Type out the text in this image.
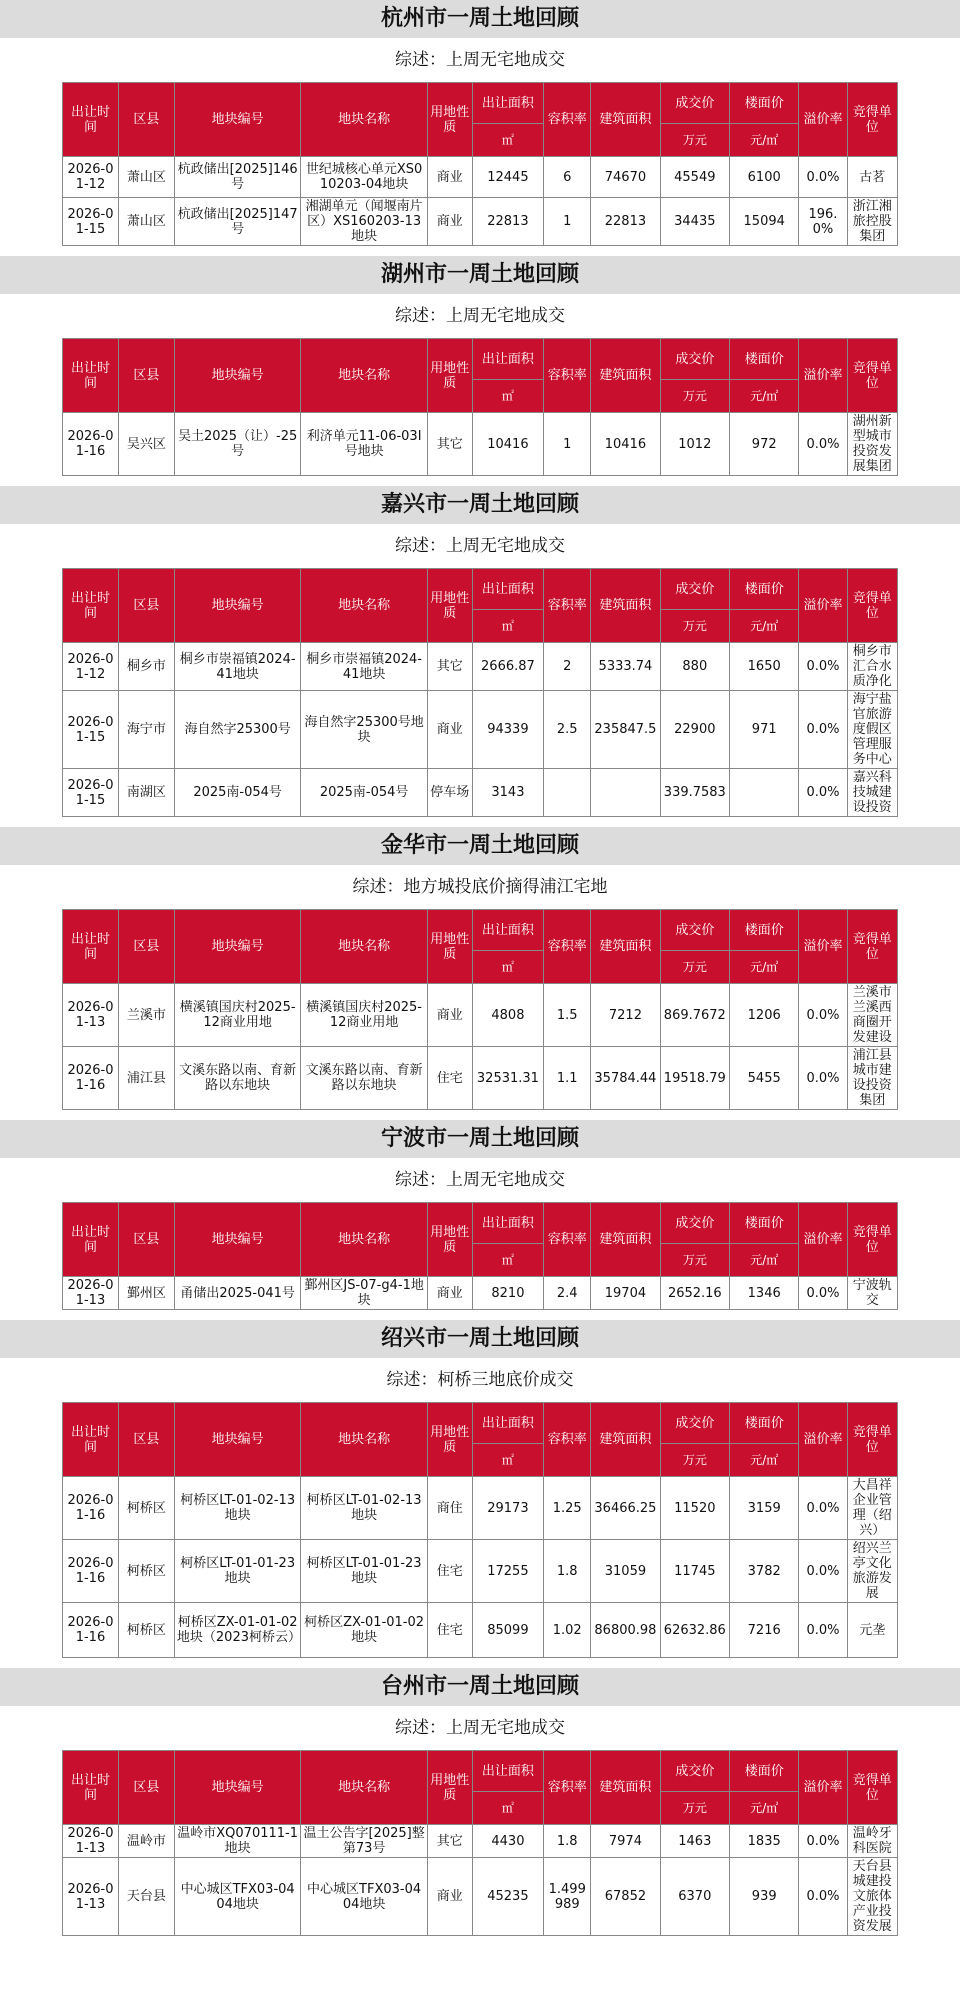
杭州市一周土地回顾
综述：上周无宅地成交
出让时间	区县	地块编号	地块名称	用地性质	出让面积	容积率	建筑面积	成交价	楼面价	溢价率	竞得单位
					㎡			万元	元/㎡		
2026-01-12	萧山区	杭政储出[2025]146号	世纪城核心单元XS010203-04地块	商业	12445	6	74670	45549	6100	0.0%	古茗
2026-01-15	萧山区	杭政储出[2025]147号	湘湖单元（闻堰南片区）XS160203-13地块	商业	22813	1	22813	34435	15094	196.0%	浙江湘旅控股集团
湖州市一周土地回顾
综述：上周无宅地成交
出让时间	区县	地块编号	地块名称	用地性质	出让面积	容积率	建筑面积	成交价	楼面价	溢价率	竞得单位
					㎡			万元	元/㎡		
2026-01-16	吴兴区	吴土2025（让）-25号	利济单元11-06-03I号地块	其它	10416	1	10416	1012	972	0.0%	湖州新型城市投资发展集团
嘉兴市一周土地回顾
综述：上周无宅地成交
出让时间	区县	地块编号	地块名称	用地性质	出让面积	容积率	建筑面积	成交价	楼面价	溢价率	竞得单位
					㎡			万元	元/㎡		
2026-01-12	桐乡市	桐乡市崇福镇2024-41地块	桐乡市崇福镇2024-41地块	其它	2666.87	2	5333.74	880	1650	0.0%	桐乡市汇合水质净化
2026-01-15	海宁市	海自然字25300号	海自然字25300号地块	商业	94339	2.5	235847.5	22900	971	0.0%	海宁盐官旅游度假区管理服务中心
2026-01-15	南湖区	2025南-054号	2025南-054号	停车场	3143			339.7583		0.0%	嘉兴科技城建设投资
金华市一周土地回顾
综述：地方城投底价摘得浦江宅地
出让时间	区县	地块编号	地块名称	用地性质	出让面积	容积率	建筑面积	成交价	楼面价	溢价率	竞得单位
					㎡			万元	元/㎡		
2026-01-13	兰溪市	横溪镇国庆村2025-12商业用地	横溪镇国庆村2025-12商业用地	商业	4808	1.5	7212	869.7672	1206	0.0%	兰溪市兰溪西商圈开发建设
2026-01-16	浦江县	文溪东路以南、育新路以东地块	文溪东路以南、育新路以东地块	住宅	32531.31	1.1	35784.44	19518.79	5455	0.0%	浦江县城市建设投资集团
宁波市一周土地回顾
综述：上周无宅地成交
出让时间	区县	地块编号	地块名称	用地性质	出让面积	容积率	建筑面积	成交价	楼面价	溢价率	竞得单位
					㎡			万元	元/㎡		
2026-01-13	鄞州区	甬储出2025-041号	鄞州区JS-07-g4-1地块	商业	8210	2.4	19704	2652.16	1346	0.0%	宁波轨交
绍兴市一周土地回顾
综述：柯桥三地底价成交
出让时间	区县	地块编号	地块名称	用地性质	出让面积	容积率	建筑面积	成交价	楼面价	溢价率	竞得单位
					㎡			万元	元/㎡		
2026-01-16	柯桥区	柯桥区LT-01-02-13地块	柯桥区LT-01-02-13地块	商住	29173	1.25	36466.25	11520	3159	0.0%	大昌祥企业管理（绍兴）
2026-01-16	柯桥区	柯桥区LT-01-01-23地块	柯桥区LT-01-01-23地块	住宅	17255	1.8	31059	11745	3782	0.0%	绍兴兰亭文化旅游发展
2026-01-16	柯桥区	柯桥区ZX-01-01-02地块（2023柯桥云）	柯桥区ZX-01-01-02地块	住宅	85099	1.02	86800.98	62632.86	7216	0.0%	元垄
台州市一周土地回顾
综述：上周无宅地成交
出让时间	区县	地块编号	地块名称	用地性质	出让面积	容积率	建筑面积	成交价	楼面价	溢价率	竞得单位
					㎡			万元	元/㎡		
2026-01-13	温岭市	温岭市XQ070111-1地块	温土公告字[2025]整第73号	其它	4430	1.8	7974	1463	1835	0.0%	温岭牙科医院
2026-01-13	天台县	中心城区TFX03-0404地块	中心城区TFX03-0404地块	商业	45235	1.499989	67852	6370	939	0.0%	天台县城建投文旅体产业投资发展
